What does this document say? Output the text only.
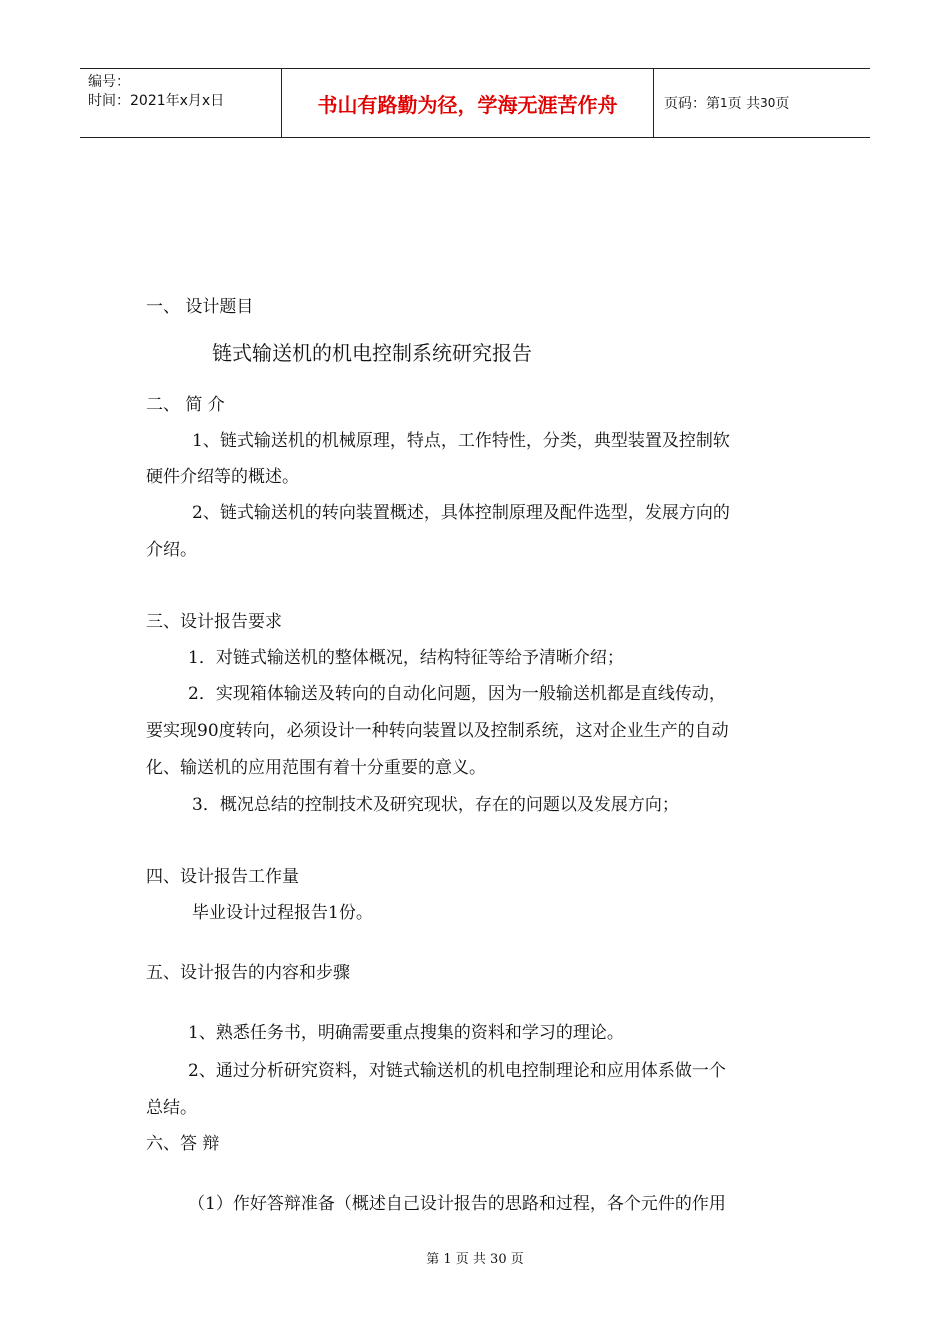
编号：
时间：2021年x月x日	书山有路勤为径，学海无涯苦作舟	页码：第 1 页 共 30 页
一、 设计题目
链式输送机的机电控制系统研究报告
二、 简 介
1、链式输送机的机械原理，特点，工作特性，分类，典型装置及控制软
硬件介绍等的概述。
2、链式输送机的转向装置概述，具体控制原理及配件选型，发展方向的
介绍。
三、设计报告要求
1．对链式输送机的整体概况，结构特征等给予清晰介绍；
2．实现箱体输送及转向的自动化问题，因为一般输送机都是直线传动，
要实现90度转向，必须设计一种转向装置以及控制系统，这对企业生产的自动
化、输送机的应用范围有着十分重要的意义。
3．概况总结的控制技术及研究现状，存在的问题以及发展方向；
四、设计报告工作量
毕业设计过程报告1份。
五、设计报告的内容和步骤
1、熟悉任务书，明确需要重点搜集的资料和学习的理论。
2、通过分析研究资料，对链式输送机的机电控制理论和应用体系做一个
总结。
六、答 辩
（1）作好答辩准备（概述自己设计报告的思路和过程，各个元件的作用
第 1 页 共 30 页
